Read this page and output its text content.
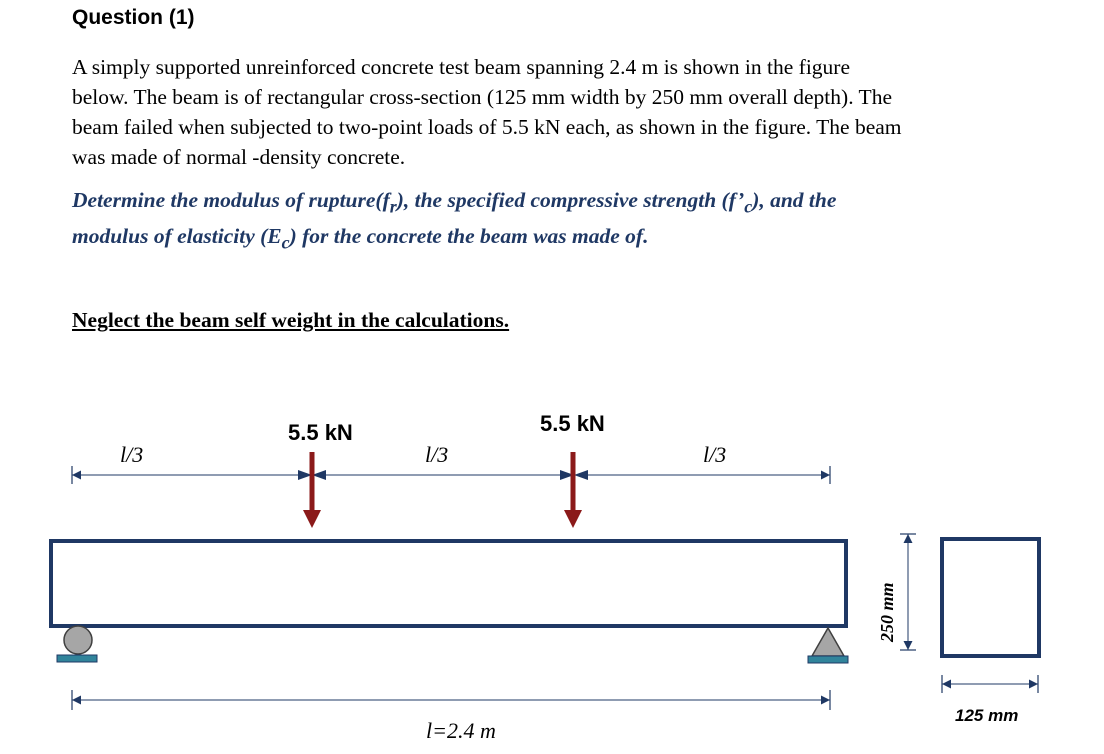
Question (1)
A simply supported unreinforced concrete test beam spanning 2.4 m is shown in the figure
below. The beam is of rectangular cross-section (125 mm width by 250 mm overall depth). The
beam failed when subjected to two-point loads of 5.5 kN each, as shown in the figure. The beam
was made of normal -density concrete.
Determine the modulus of $rupture(f_r)$, the specified compressive strength $(f’_c)$, and the
modulus of elasticity $(E_c)$ for the concrete the beam was made of.
Neglect the beam self weight in the calculations.
l/3	l/3	l/3
5.5 kN	5.5 kN
l=2.4 m
250 mm
125 mm
